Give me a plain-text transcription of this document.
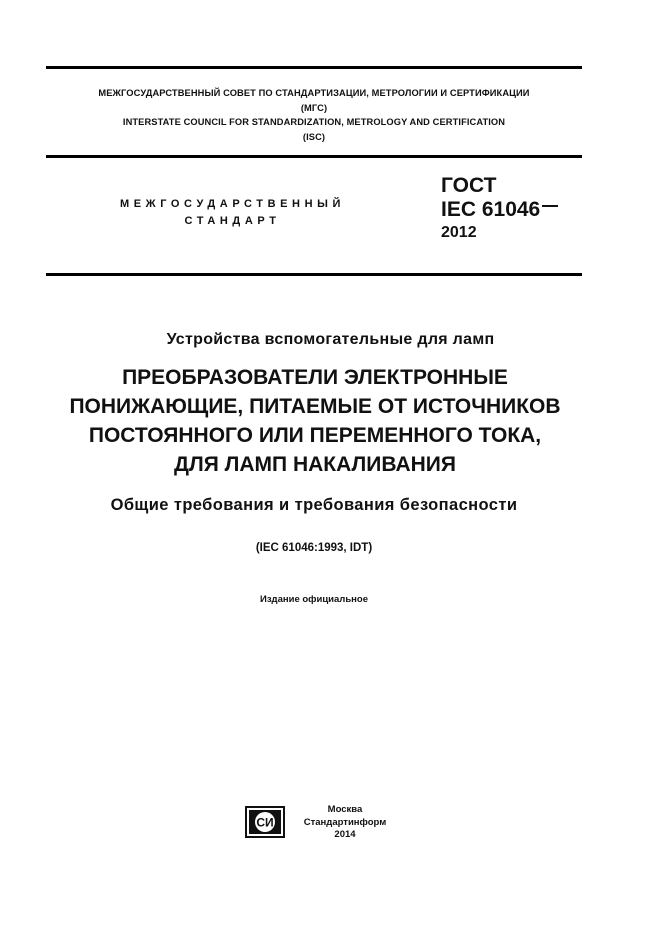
МЕЖГОСУДАРСТВЕННЫЙ СОВЕТ ПО СТАНДАРТИЗАЦИИ, МЕТРОЛОГИИ И СЕРТИФИКАЦИИ
(МГС)
INTERSTATE COUNCIL FOR STANDARDIZATION, METROLOGY AND CERTIFICATION
(ISC)
МЕЖГОСУДАРСТВЕННЫЙ
СТАНДАРТ
ГОСТ
IEC 61046
2012
Устройства вспомогательные для ламп
ПРЕОБРАЗОВАТЕЛИ ЭЛЕКТРОННЫЕ
ПОНИЖАЮЩИЕ, ПИТАЕМЫЕ ОТ ИСТОЧНИКОВ
ПОСТОЯННОГО ИЛИ ПЕРЕМЕННОГО ТОКА,
ДЛЯ ЛАМП НАКАЛИВАНИЯ
Общие требования и требования безопасности
(IEC 61046:1993, IDT)
Издание официальное
СИ
Москва
Стандартинформ
2014
